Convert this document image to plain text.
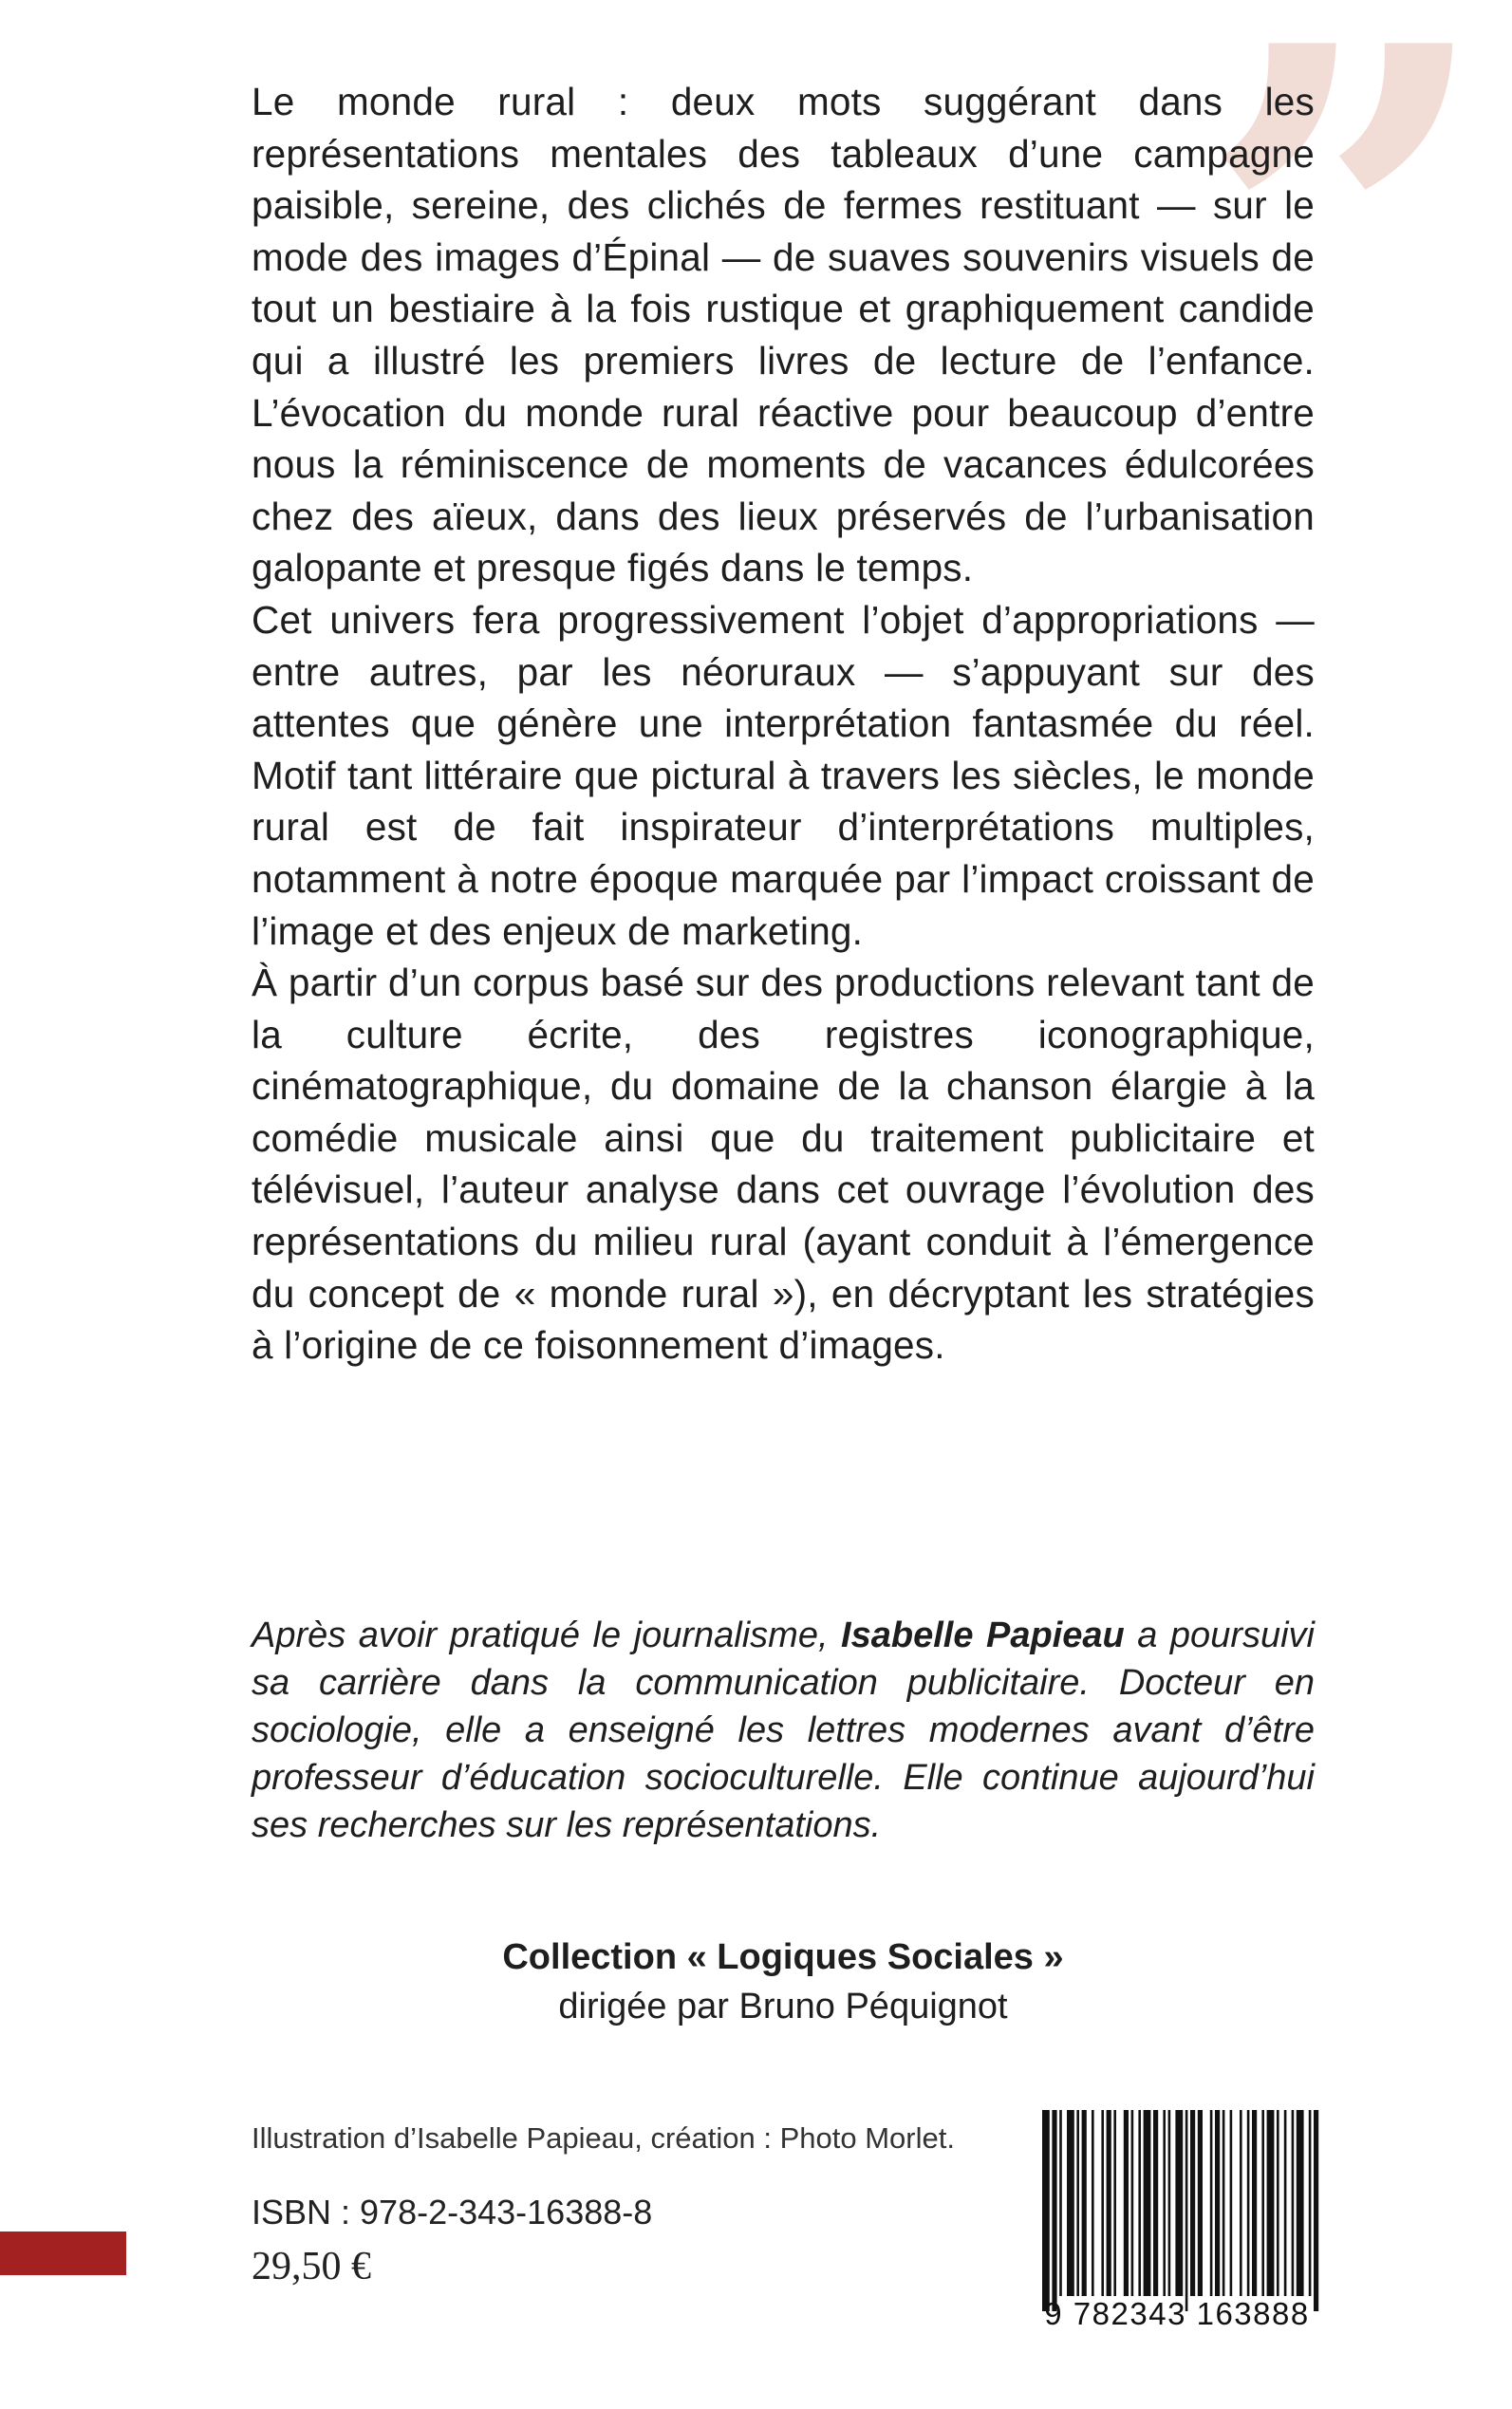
”

Le monde rural : deux mots suggérant dans les représentations mentales des tableaux d’une campagne paisible, sereine, des clichés de fermes restituant — sur le mode des images d’Épinal — de suaves souvenirs visuels de tout un bestiaire à la fois rustique et graphiquement candide qui a illustré les premiers livres de lecture de l’enfance. L’évocation du monde rural réactive pour beaucoup d’entre nous la réminiscence de moments de vacances édulcorées chez des aïeux, dans des lieux préservés de l’urbanisation galopante et presque figés dans le temps.

Cet univers fera progressivement l’objet d’appropriations — entre autres, par les néoruraux — s’appuyant sur des attentes que génère une interprétation fantasmée du réel. Motif tant littéraire que pictural à travers les siècles, le monde rural est de fait inspirateur d’interprétations multiples, notamment à notre époque marquée par l’impact croissant de l’image et des enjeux de marketing.

À partir d’un corpus basé sur des productions relevant tant de la culture écrite, des registres iconographique, cinématographique, du domaine de la chanson élargie à la comédie musicale ainsi que du traitement publicitaire et télévisuel, l’auteur analyse dans cet ouvrage l’évolution des représentations du milieu rural (ayant conduit à l’émergence du concept de « monde rural »), en décryptant les stratégies à l’origine de ce foisonnement d’images.

Après avoir pratiqué le journalisme, Isabelle Papieau a poursuivi sa carrière dans la communication publicitaire. Docteur en sociologie, elle a enseigné les lettres modernes avant d’être professeur d’éducation socioculturelle. Elle continue aujourd’hui ses recherches sur les représentations.
Collection « Logiques Sociales »
dirigée par Bruno Péquignot
Illustration d’Isabelle Papieau, création : Photo Morlet.
ISBN : 978-2-343-16388-8
29,50 €
9 782343 163888
